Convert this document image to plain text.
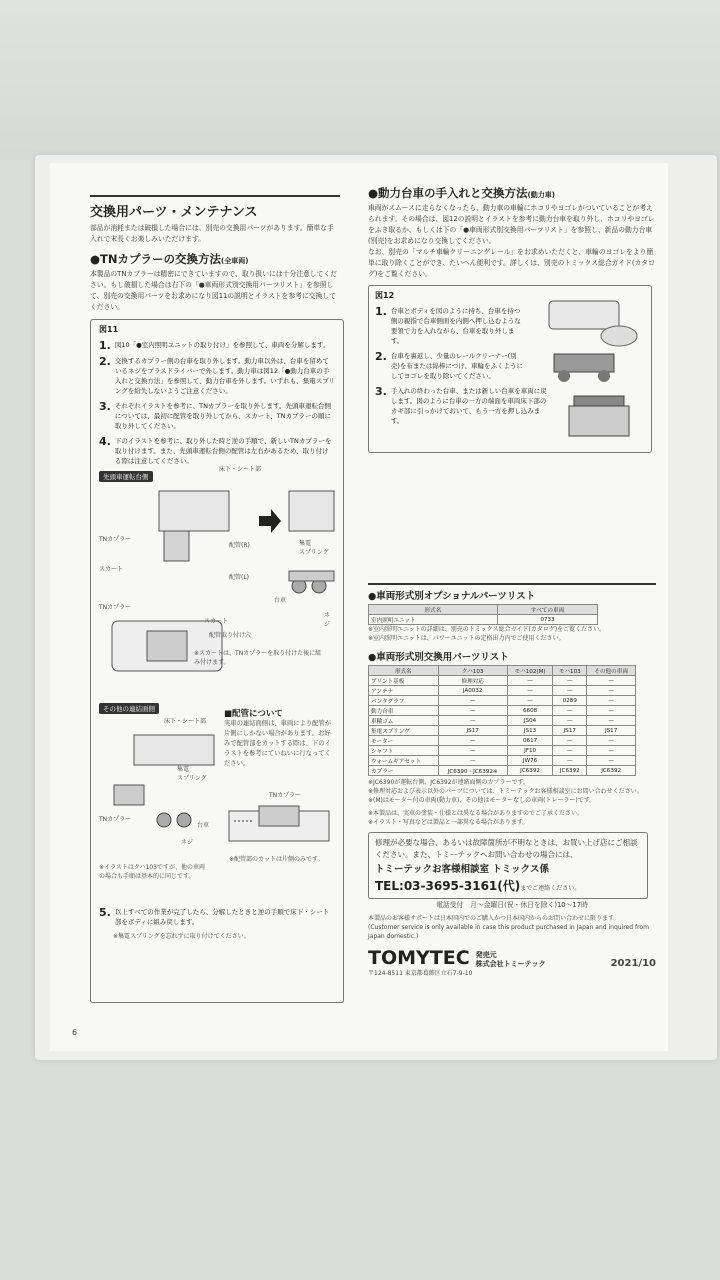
交換用パーツ・メンテナンス
部品が消耗または破損した場合には、別売の交換用パーツがあります。簡単な手入れで末長くお楽しみいただけます。
●TNカプラーの交換方法(全車両)
本製品のTNカプラーは精密にできていますので、取り扱いには十分注意してください。もし破損した場合は右下の「●車両形式別交換用パーツリスト」を参照して、別売の交換用パーツをお求めになり図11の説明とイラストを参考に交換してください。
図11
1. 図10「●室内照明ユニットの取り付け」を参照して、車両を分解します。
2. 交換するカプラー側の台車を取り外します。動力車以外は、台車を留めているネジをプラスドライバーで外します。動力車は図12「●動力台車の手入れと交換方法」を参照して、動力台車を外します。いずれも、集電スプリングを紛失しないようご注意ください。
3. それぞれイラストを参考に、TNカプラーを取り外します。先頭車運転台側については、最初に配管を取り外してから、スカート、TNカプラーの順に取り外してください。
4. 下のイラストを参考に、取り外した時と逆の手順で、新しいTNカプラーを取り付けます。また、先頭車運転台側の配管は左右があるため、取り付ける際は注意してください。
先頭車運転台側
床下・シート部
TNカプラー
スカート
配管(R)
配管(L)
集電
スプリング
台車
ネジ
TNカプラー
スカート
配管取り付け穴
※スカートは、TNカプラーを取り付けた後に組み付けます。
その他の連結面側
床下・シート部
集電
スプリング
TNカプラー
台車
ネジ
※イラストはクハ103ですが、他の車両の場合も手順は基本的に同じです。
■配管について
実車の連結面側は、車両により配管が片側にしかない場合があります。お好みで配管部をカットする際は、下のイラストを参考にていねいに行なってください。
TNカプラー
※配管部のカットは片側のみです。
5. 以上すべての作業が完了したら、分解したときと逆の手順で床下・シート部をボディに組み戻します。
※集電スプリングを忘れずに取り付けてください。
6
●動力台車の手入れと交換方法(動力車)
車両がスムースに走らなくなったら、動力車の車輪にホコリやヨゴレがついていることが考えられます。その場合は、図12の説明とイラストを参考に動力台車を取り外し、ホコリやヨゴレをふき取るか、もしくは下の「●車両形式別交換用パーツリスト」を参照し、新品の動力台車(別売)をお求めになり交換してください。
なお、別売の「マルチ車輪クリーニングレール」をお求めいただくと、車輪のヨゴレをより簡単に取り除くことができ、たいへん便利です。詳しくは、別売のトミックス総合ガイド(カタログ)をご覧ください。
図12
1. 台車とボディを図のように持ち、台車を持つ側の親指で台車側面を内側へ押し込むような要領で力を入れながら、台車を取り外します。
2. 台車を裏返し、少量のレールクリーナー(別売)を布または綿棒につけ、車輪をふくようにしてヨゴレを取り除いてください。
3. 手入れの終わった台車、または新しい台車を車両に戻します。図のように台車の一方の端面を車両床下部のカギ部に引っかけておいて、もう一方を押し込みます。
●車両形式別オプショナルパーツリスト
形式名	すべての車両
室内照明ユニット	0733
※室内照明ユニットの詳細は、別売のトミックス総合ガイド(カタログ)をご覧ください。
※室内照明ユニットは、パワーユニットの定格出力内でご使用ください。
●車両形式別交換用パーツリスト
形式名	クハ103	モハ102(M)	モハ103	その他の車両
プリント基板	修理対応	—	—	—
アンテナ	JA0032	—	—	—
パンタグラフ	—	—	0289	—
動力台車	—	6608	—	—
車輪ゴム	—	JS04	—	—
集電スプリング	JS17	JS13	JS17	JS17
モーター	—	0617	—	—
シャフト	—	JF10	—	—
ウォームギアセット	—	JW76	—	—
カプラー	JC6390・JC6392※	JC6392	JC6392	JC6392
※JC6390が運転台側、JC6392が連結面側のカプラーです。
※修理対応および表示以外のパーツについては、トミーテックお客様相談室にお問い合わせください。
※(M)はモーター付の車両(動力車)、その他はモーターなしの車両(トレーラー)です。
※本製品は、実車の塗装・仕様とは異なる場合がありますのでご了承ください。
※イラスト・写真などは製品と一部異なる場合があります。
修理が必要な場合、あるいは故障箇所が不明なときは、お買い上げ店にご相談ください。また、トミーテックへお問い合わせの場合には、
トミーテックお客様相談室 トミックス係
TEL:03-3695-3161(代)までご連絡ください。
電話受付　月〜金曜日(祝・休日を除く)10〜17時
本製品のお客様サポートは日本国内でのご購入かつ日本国内からのお問い合わせに限ります。
(Customer service is only available in case this product purchased in Japan and inquired from Japan domestic.)
TOMYTEC 発売元
株式会社トミーテック	2021/10
〒124-8511 東京都葛飾区立石7-9-10
